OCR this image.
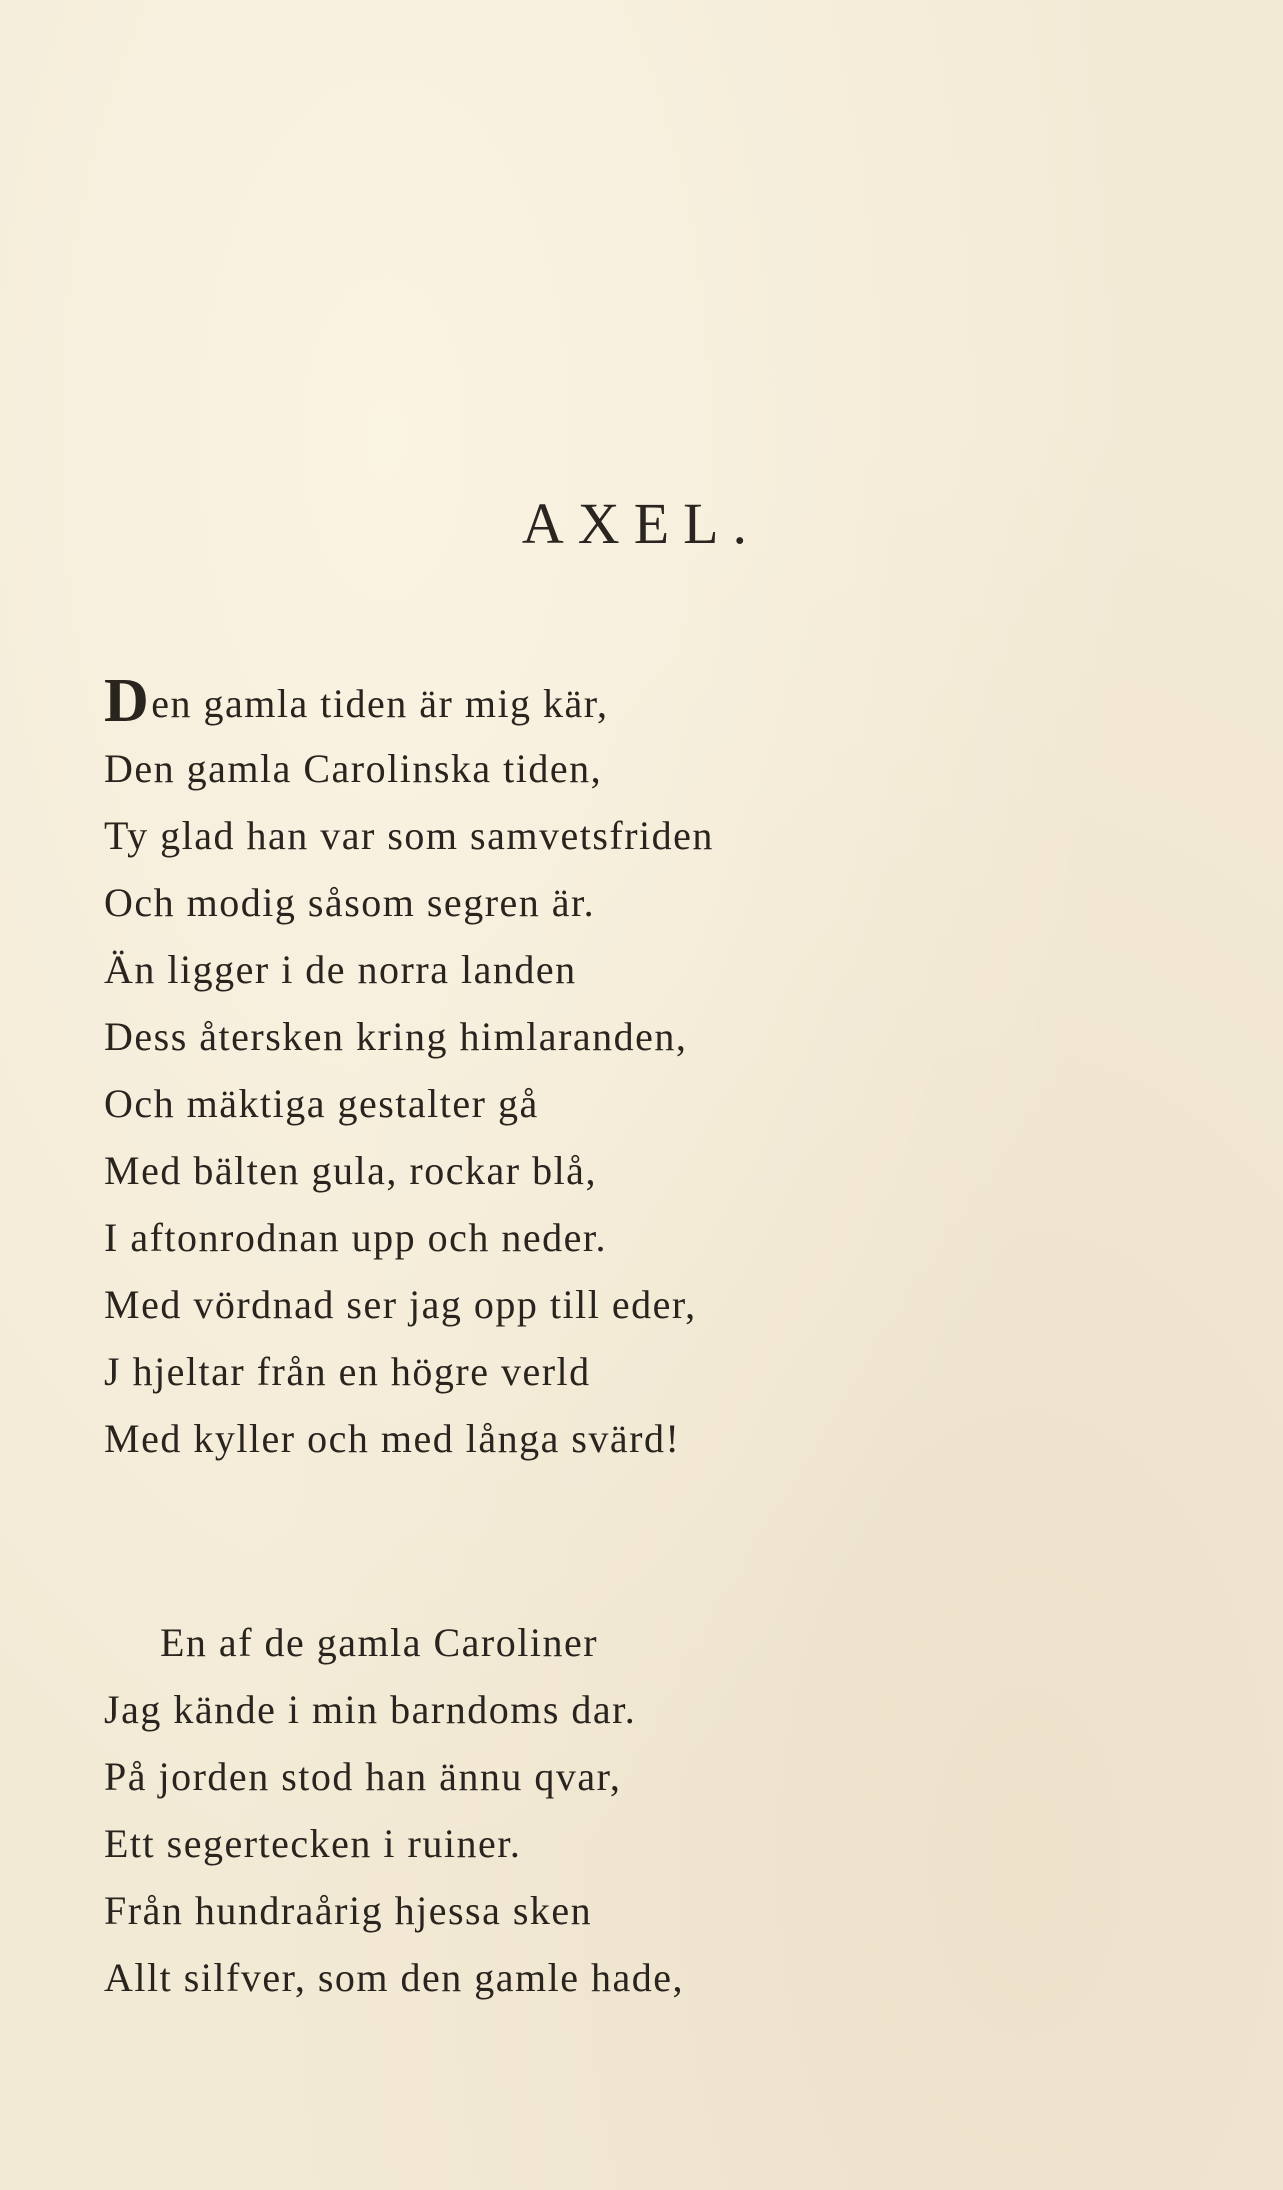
AXEL.
Den gamla tiden är mig kär,
Den gamla Carolinska tiden,
Ty glad han var som samvetsfriden
Och modig såsom segren är.
Än ligger i de norra landen
Dess återsken kring himlaranden,
Och mäktiga gestalter gå
Med bälten gula, rockar blå,
I aftonrodnan upp och neder.
Med vördnad ser jag opp till eder,
J hjeltar från en högre verld
Med kyller och med långa svärd!
En af de gamla Caroliner
Jag kände i min barndoms dar.
På jorden stod han ännu qvar,
Ett segertecken i ruiner.
Från hundraårig hjessa sken
Allt silfver, som den gamle hade,
